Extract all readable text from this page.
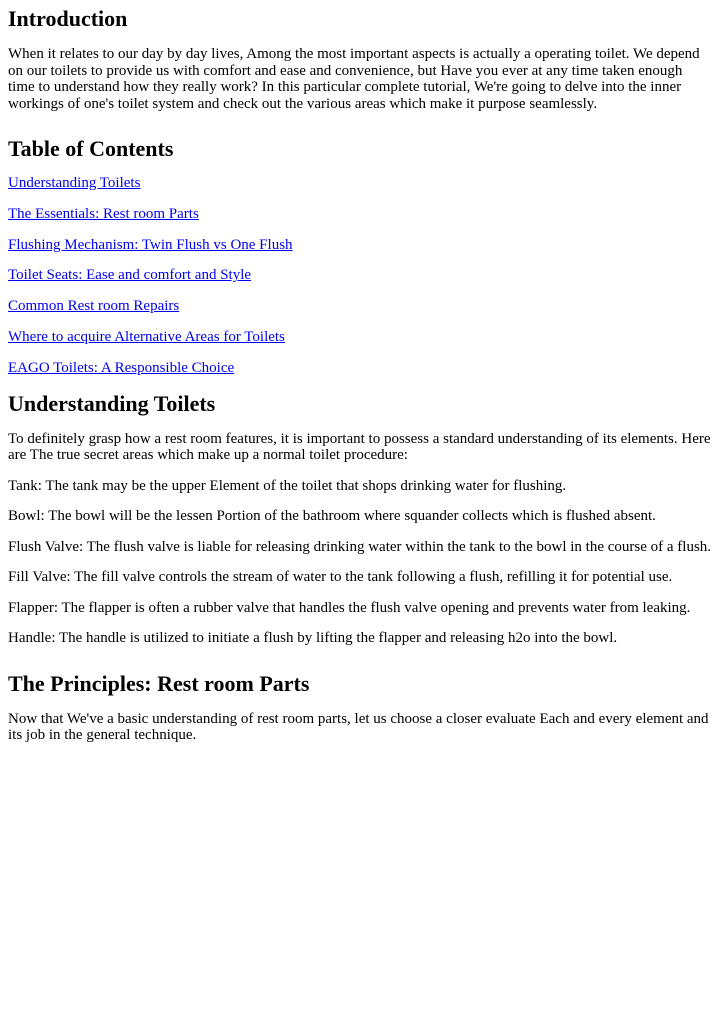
Introduction

When it relates to our day by day lives, Among the most important aspects is actually a operating toilet. We depend on our toilets to provide us with comfort and ease and convenience, but Have you ever at any time taken enough time to understand how they really work? In this particular complete tutorial, We're going to delve into the inner workings of one's toilet system and check out the various areas which make it purpose seamlessly.

Table of Contents
Understanding Toilets
The Essentials: Rest room Parts
Flushing Mechanism: Twin Flush vs One Flush
Toilet Seats: Ease and comfort and Style
Common Rest room Repairs
Where to acquire Alternative Areas for Toilets
EAGO Toilets: A Responsible Choice
Understanding Toilets

To definitely grasp how a rest room features, it is important to possess a standard understanding of its elements. Here are The true secret areas which make up a normal toilet procedure:

Tank: The tank may be the upper Element of the toilet that shops drinking water for flushing.

Bowl: The bowl will be the lessen Portion of the bathroom where squander collects which is flushed absent.

Flush Valve: The flush valve is liable for releasing drinking water within the tank to the bowl in the course of a flush.

Fill Valve: The fill valve controls the stream of water to the tank following a flush, refilling it for potential use.

Flapper: The flapper is often a rubber valve that handles the flush valve opening and prevents water from leaking.

Handle: The handle is utilized to initiate a flush by lifting the flapper and releasing h2o into the bowl.

The Principles: Rest room Parts

Now that We've a basic understanding of rest room parts, let us choose a closer evaluate Each and every element and its job in the general technique.
